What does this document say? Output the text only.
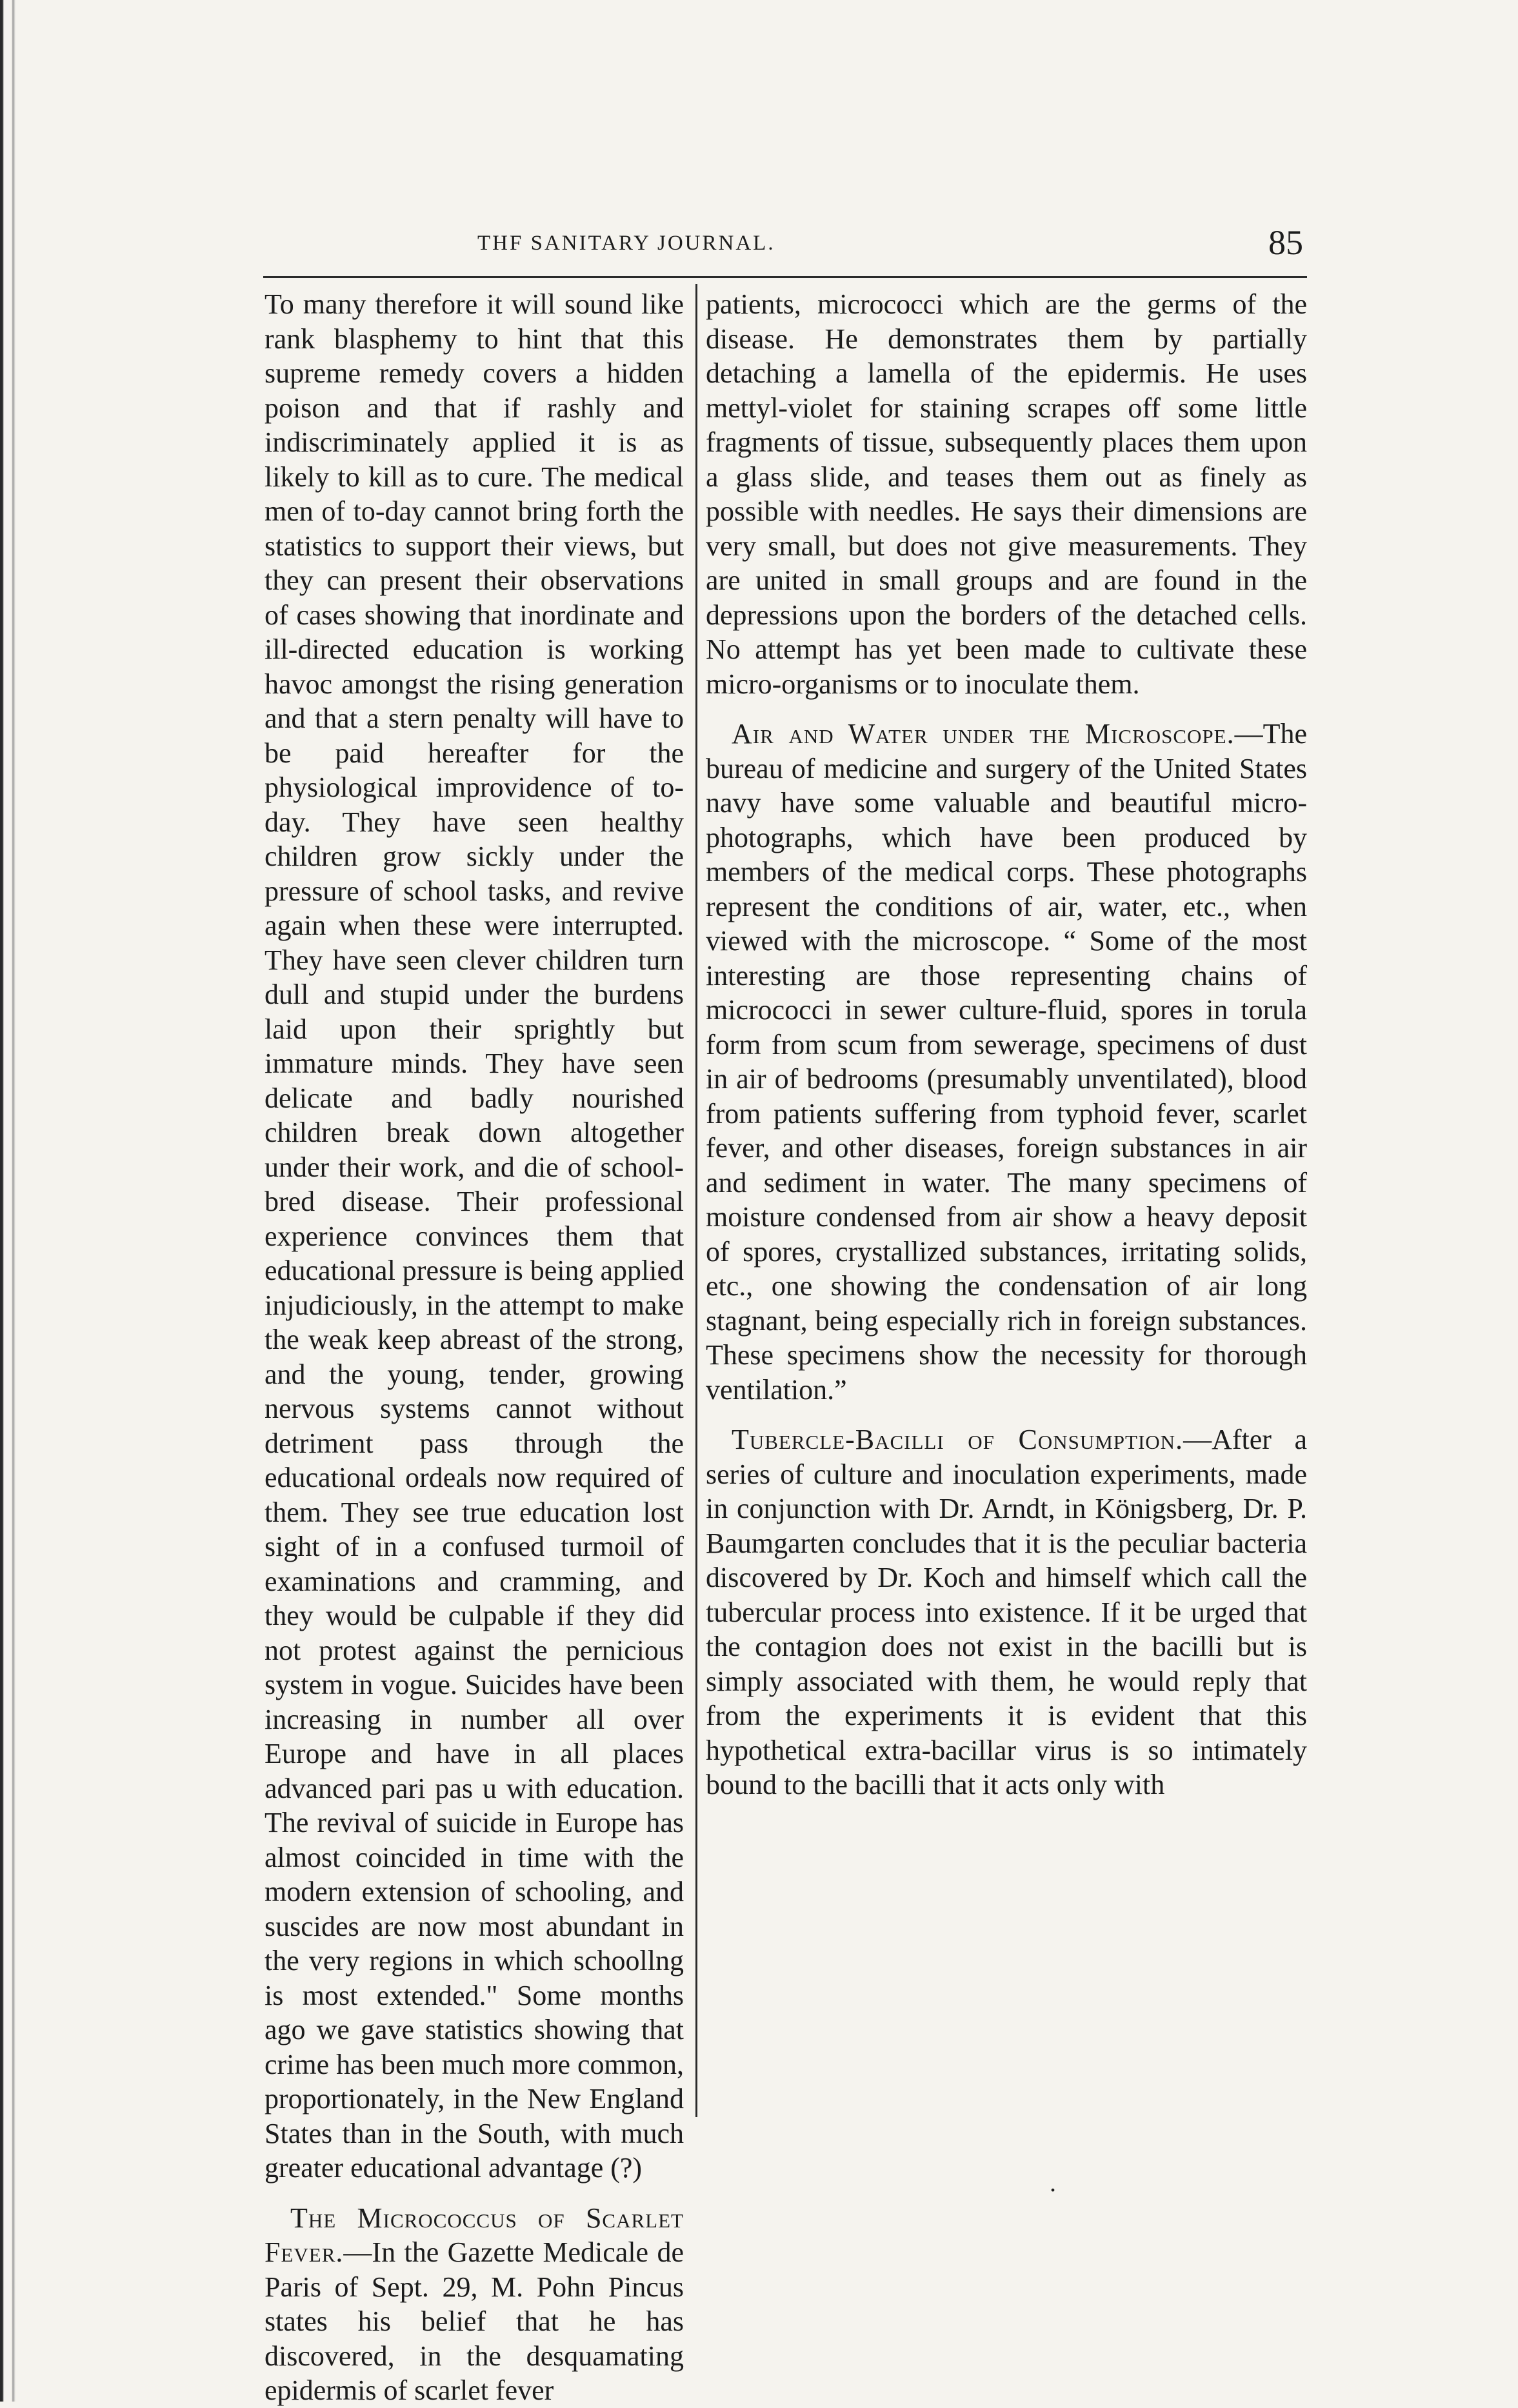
THF SANITARY JOURNAL.	85

To many therefore it will sound like rank blasphemy to hint that this supreme remedy covers a hidden poison and that if rashly and indiscriminately applied it is as likely to kill as to cure. The medical men of to-day cannot bring forth the statistics to support their views, but they can present their observations of cases showing that inordinate and ill-directed education is working havoc amongst the rising generation and that a stern penalty will have to be paid hereafter for the physiological improvidence of to-day. They have seen healthy children grow sickly under the pressure of school tasks, and revive again when these were interrupted. They have seen clever children turn dull and stupid under the burdens laid upon their sprightly but immature minds. They have seen delicate and badly nourished children break down altogether under their work, and die of school-bred disease. Their professional experience convinces them that educational pressure is being applied injudiciously, in the attempt to make the weak keep abreast of the strong, and the young, tender, growing nervous systems cannot without detriment pass through the educational ordeals now required of them. They see true education lost sight of in a confused turmoil of examinations and cramming, and they would be culpable if they did not protest against the pernicious system in vogue. Suicides have been increasing in number all over Europe and have in all places advanced pari pas u with education. The revival of suicide in Europe has almost coincided in time with the modern extension of schooling, and suscides are now most abundant in the very regions in which schoollng is most extended." Some months ago we gave statistics showing that crime has been much more common, proportionately, in the New England States than in the South, with much greater educational advantage (?)

The Micrococcus of Scarlet Fever.—In the Gazette Medicale de Paris of Sept. 29, M. Pohn Pincus states his belief that he has discovered, in the desquamating epidermis of scarlet fever

patients, micrococci which are the germs of the disease. He demonstrates them by partially detaching a lamella of the epidermis. He uses mettyl-violet for staining scrapes off some little fragments of tissue, subsequently places them upon a glass slide, and teases them out as finely as possible with needles. He says their dimensions are very small, but does not give measurements. They are united in small groups and are found in the depressions upon the borders of the detached cells. No attempt has yet been made to cultivate these micro-organisms or to inoculate them.

Air and Water under the Microscope.—The bureau of medicine and surgery of the United States navy have some valuable and beautiful micro-photographs, which have been produced by members of the medical corps. These photographs represent the conditions of air, water, etc., when viewed with the microscope. “ Some of the most interesting are those representing chains of micrococci in sewer culture-fluid, spores in torula form from scum from sewerage, specimens of dust in air of bedrooms (presumably unventilated), blood from patients suffering from typhoid fever, scarlet fever, and other diseases, foreign substances in air and sediment in water. The many specimens of moisture condensed from air show a heavy deposit of spores, crystallized substances, irritating solids, etc., one showing the condensation of air long stagnant, being especially rich in foreign substances. These specimens show the necessity for thorough ventilation.”

Tubercle-Bacilli of Consumption.—After a series of culture and inoculation experiments, made in conjunction with Dr. Arndt, in Königsberg, Dr. P. Baumgarten concludes that it is the peculiar bacteria discovered by Dr. Koch and himself which call the tubercular process into existence. If it be urged that the contagion does not exist in the bacilli but is simply associated with them, he would reply that from the experiments it is evident that this hypothetical extra-bacillar virus is so intimately bound to the bacilli that it acts only with

.
